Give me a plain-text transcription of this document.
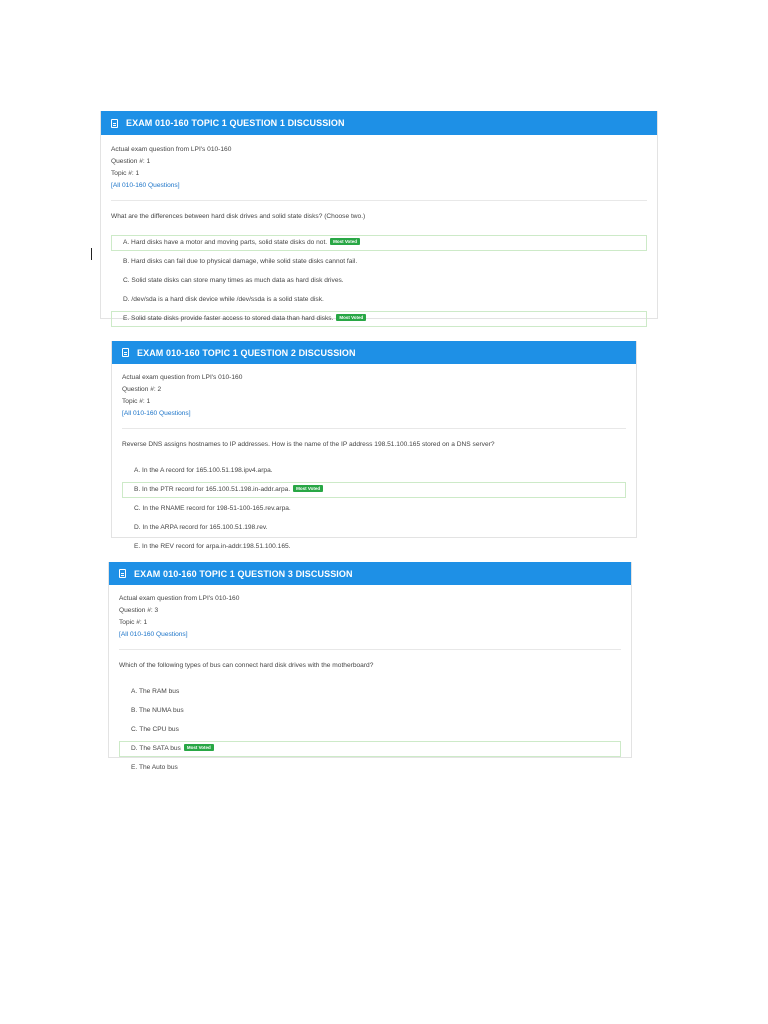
EXAM 010-160 TOPIC 1 QUESTION 1 DISCUSSION
Actual exam question from LPI's 010-160
Question #: 1
Topic #: 1
[All 010-160 Questions]
What are the differences between hard disk drives and solid state disks? (Choose two.)
A. Hard disks have a motor and moving parts, solid state disks do not. Most Voted
B. Hard disks can fail due to physical damage, while solid state disks cannot fail.
C. Solid state disks can store many times as much data as hard disk drives.
D. /dev/sda is a hard disk device while /dev/ssda is a solid state disk.
E. Solid state disks provide faster access to stored data than hard disks. Most Voted
EXAM 010-160 TOPIC 1 QUESTION 2 DISCUSSION
Actual exam question from LPI's 010-160
Question #: 2
Topic #: 1
[All 010-160 Questions]
Reverse DNS assigns hostnames to IP addresses. How is the name of the IP address 198.51.100.165 stored on a DNS server?
A. In the A record for 165.100.51.198.ipv4.arpa.
B. In the PTR record for 165.100.51.198.in-addr.arpa. Most Voted
C. In the RNAME record for 198-51-100-165.rev.arpa.
D. In the ARPA record for 165.100.51.198.rev.
E. In the REV record for arpa.in-addr.198.51.100.165.
EXAM 010-160 TOPIC 1 QUESTION 3 DISCUSSION
Actual exam question from LPI's 010-160
Question #: 3
Topic #: 1
[All 010-160 Questions]
Which of the following types of bus can connect hard disk drives with the motherboard?
A. The RAM bus
B. The NUMA bus
C. The CPU bus
D. The SATA bus Most Voted
E. The Auto bus
